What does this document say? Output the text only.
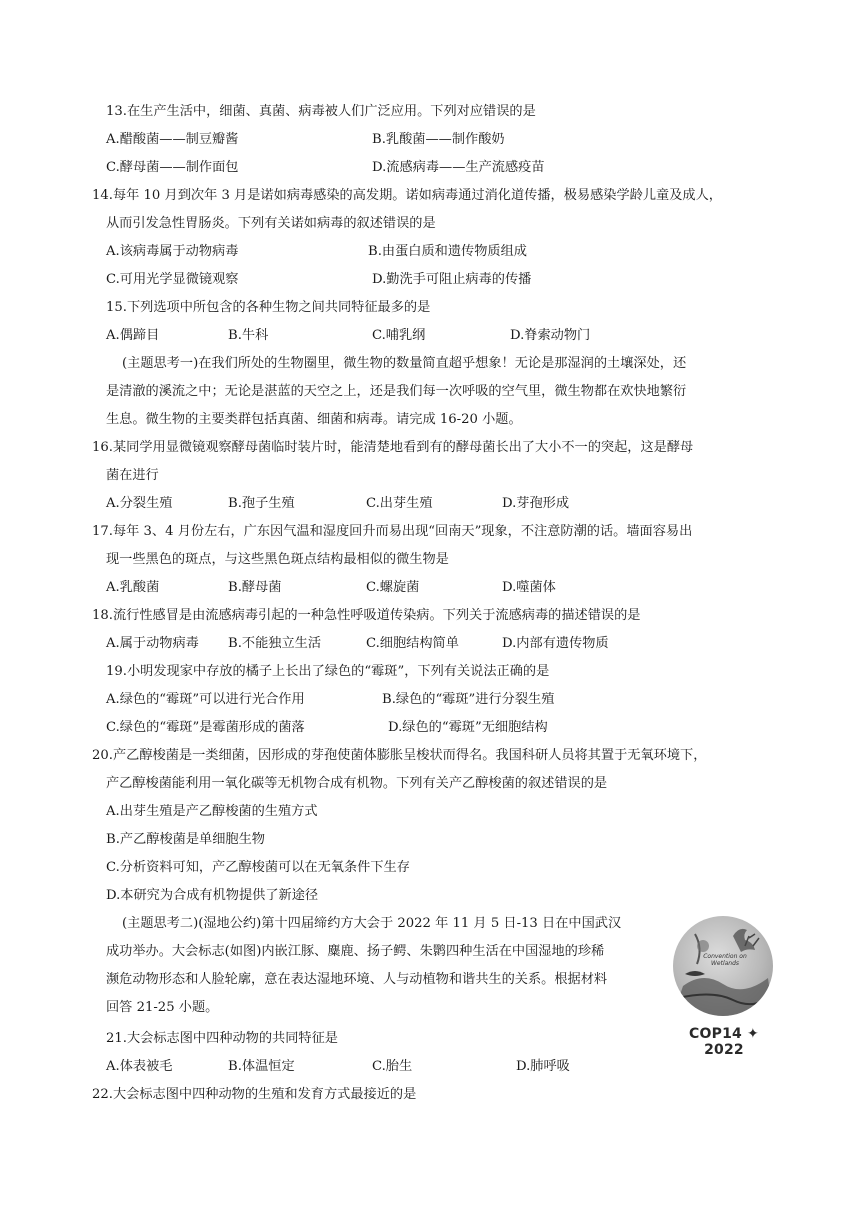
13.在生产生活中，细菌、真菌、病毒被人们广泛应用。下列对应错误的是

A.醋酸菌——制豆瓣酱	B.乳酸菌——制作酸奶

C.酵母菌——制作面包	D.流感病毒——生产流感疫苗

14.每年 10 月到次年 3 月是诺如病毒感染的高发期。诺如病毒通过消化道传播，极易感染学龄儿童及成人，

从而引发急性胃肠炎。下列有关诺如病毒的叙述错误的是

A.该病毒属于动物病毒	B.由蛋白质和遗传物质组成

C.可用光学显微镜观察	D.勤洗手可阻止病毒的传播

15.下列选项中所包含的各种生物之间共同特征最多的是

A.偶蹄目	B.牛科	C.哺乳纲	D.脊索动物门

(主题思考一)在我们所处的生物圈里，微生物的数量简直超乎想象！无论是那湿润的土壤深处，还

是清澈的溪流之中；无论是湛蓝的天空之上，还是我们每一次呼吸的空气里，微生物都在欢快地繁衍

生息。微生物的主要类群包括真菌、细菌和病毒。请完成 16-20 小题。

16.某同学用显微镜观察酵母菌临时装片时，能清楚地看到有的酵母菌长出了大小不一的突起，这是酵母

菌在进行

A.分裂生殖	B.孢子生殖	C.出芽生殖	D.芽孢形成

17.每年 3、4 月份左右，广东因气温和湿度回升而易出现“回南天”现象，不注意防潮的话。墙面容易出

现一些黑色的斑点，与这些黑色斑点结构最相似的微生物是

A.乳酸菌	B.酵母菌	C.螺旋菌	D.噬菌体

18.流行性感冒是由流感病毒引起的一种急性呼吸道传染病。下列关于流感病毒的描述错误的是

A.属于动物病毒 B.不能独立生活	C.细胞结构简单	D.内部有遗传物质

19.小明发现家中存放的橘子上长出了绿色的“霉斑”，下列有关说法正确的是

A.绿色的“霉斑”可以进行光合作用	B.绿色的“霉斑”进行分裂生殖

C.绿色的“霉斑”是霉菌形成的菌落	D.绿色的“霉斑”无细胞结构

20.产乙醇梭菌是一类细菌，因形成的芽孢使菌体膨胀呈梭状而得名。我国科研人员将其置于无氧环境下，

产乙醇梭菌能利用一氧化碳等无机物合成有机物。下列有关产乙醇梭菌的叙述错误的是

A.出芽生殖是产乙醇梭菌的生殖方式

B.产乙醇梭菌是单细胞生物

C.分析资料可知，产乙醇梭菌可以在无氧条件下生存

D.本研究为合成有机物提供了新途径

(主题思考二)(湿地公约)第十四届缔约方大会于 2022 年 11 月 5 日-13 日在中国武汉

成功举办。大会标志(如图)内嵌江豚、麋鹿、扬子鳄、朱鹮四种生活在中国湿地的珍稀

濒危动物形态和人脸轮廓，意在表达湿地环境、人与动植物和谐共生的关系。根据材料

回答 21-25 小题。

21.大会标志图中四种动物的共同特征是

A.体表被毛	B.体温恒定	C.胎生	D.肺呼吸

22.大会标志图中四种动物的生殖和发育方式最接近的是

Convention on Wetlands
COP14 ✦ 2022
